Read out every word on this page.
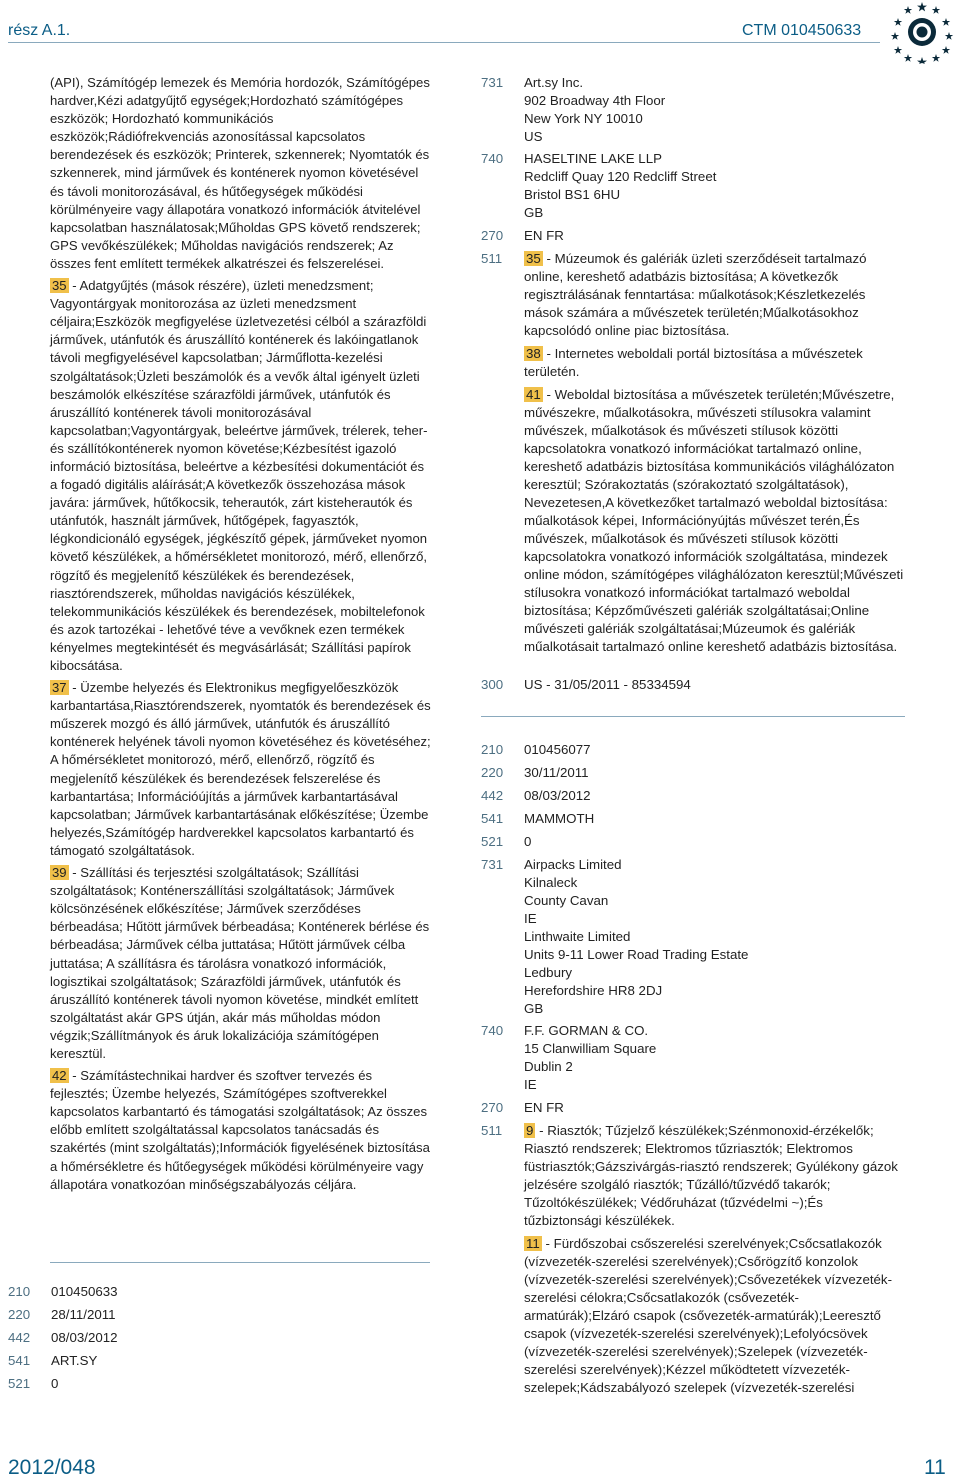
rész A.1.	CTM 010450633

(API), Számítógép lemezek és Memória hordozók, Számítógépes hardver,Kézi adatgyűjtő egységek;Hordozható számítógépes eszközök; Hordozható kommunikációs eszközök;Rádiófrekvenciás azonosítással kapcsolatos berendezések és eszközök; Printerek, szkennerek; Nyomtatók és szkennerek, mind járművek és konténerek nyomon követésével és távoli monitorozásával, és hűtőegységek működési körülményeire vagy állapotára vonatkozó információk átvitelével kapcsolatban használatosak;Műholdas GPS követő rendszerek; GPS vevőkészülékek; Műholdas navigációs rendszerek; Az összes fent említett termékek alkatrészei és felszerelései.

35 - Adatgyűjtés (mások részére), üzleti menedzsment; Vagyontárgyak monitorozása az üzleti menedzsment céljaira;Eszközök megfigyelése üzletvezetési célból a szárazföldi járművek, utánfutók és áruszállító konténerek és lakóingatlanok távoli megfigyelésével kapcsolatban; Járműflotta-kezelési szolgáltatások;Üzleti beszámolók és a vevők által igényelt üzleti beszámolók elkészítése szárazföldi járművek, utánfutók és áruszállító konténerek távoli monitorozásával kapcsolatban;Vagyontárgyak, beleértve járművek, trélerek, teher- és szállítókonténerek nyomon követése;Kézbesítést igazoló információ biztosítása, beleértve a kézbesítési dokumentációt és a fogadó digitális aláírását;A következők összehozása mások javára: járművek, hűtőkocsik, teherautók, zárt kisteherautók és utánfutók, használt járművek, hűtőgépek, fagyasztók, légkondicionáló egységek, jégkészítő gépek, járműveket nyomon követő készülékek, a hőmérsékletet monitorozó, mérő, ellenőrző, rögzítő és megjelenítő készülékek és berendezések, riasztórendszerek, műholdas navigációs készülékek, telekommunikációs készülékek és berendezések, mobiltelefonok és azok tartozékai - lehetővé téve a vevőknek ezen termékek kényelmes megtekintését és megvásárlását; Szállítási papírok kibocsátása.

37 - Üzembe helyezés és Elektronikus megfigyelőeszközök karbantartása,Riasztórendszerek, nyomtatók és berendezések és műszerek mozgó és álló járművek, utánfutók és áruszállító konténerek helyének távoli nyomon követéséhez és követéséhez; A hőmérsékletet monitorozó, mérő, ellenőrző, rögzítő és megjelenítő készülékek és berendezések felszerelése és karbantartása; Információújítás a járművek karbantartásával kapcsolatban; Járművek karbantartásának előkészítése; Üzembe helyezés,Számítógép hardverekkel kapcsolatos karbantartó és támogató szolgáltatások.

39 - Szállítási és terjesztési szolgáltatások; Szállítási szolgáltatások; Konténerszállítási szolgáltatások; Járművek kölcsönzésének előkészítése; Járművek szerződéses bérbeadása; Hűtött járművek bérbeadása; Konténerek bérlése és bérbeadása; Járművek célba juttatása; Hűtött járművek célba juttatása; A szállításra és tárolásra vonatkozó információk, logisztikai szolgáltatások; Szárazföldi járművek, utánfutók és áruszállító konténerek távoli nyomon követése, mindkét említett szolgáltatást akár GPS útján, akár más műholdas módon végzik;Szállítmányok és áruk lokalizációja számítógépen keresztül.

42 - Számítástechnikai hardver és szoftver tervezés és fejlesztés; Üzembe helyezés, Számítógépes szoftverekkel kapcsolatos karbantartó és támogatási szolgáltatások; Az összes előbb említett szolgáltatással kapcsolatos tanácsadás és szakértés (mint szolgáltatás);Információk figyelésének biztosítása a hőmérsékletre és hűtőegységek működési körülményeire vagy állapotára vonatkozóan minőségszabályozás céljára.

210 010450633
220 28/11/2011
442 08/03/2012
541 ART.SY
521 0
731 Art.sy Inc.
902 Broadway 4th Floor
New York NY 10010
US
740 HASELTINE LAKE LLP
Redcliff Quay 120 Redcliff Street
Bristol BS1 6HU
GB
270 EN FR
511 35 - Múzeumok és galériák üzleti szerződéseit tartalmazó online, kereshető adatbázis biztosítása; A következők regisztrálásának fenntartása: műalkotások;Készletkezelés mások számára a művészetek területén;Műalkotásokhoz kapcsolódó online piac biztosítása.

38 - Internetes weboldali portál biztosítása a művészetek területén.

41 - Weboldal biztosítása a művészetek területén;Művészetre, művészekre, műalkotásokra, művészeti stílusokra valamint művészek, műalkotások és művészeti stílusok közötti kapcsolatokra vonatkozó információkat tartalmazó online, kereshető adatbázis biztosítása kommunikációs világhálózaton keresztül; Szórakoztatás (szórakoztató szolgáltatások), Nevezetesen,A következőket tartalmazó weboldal biztosítása: műalkotások képei, Információnyújtás művészet terén,És művészek, műalkotások és művészeti stílusok közötti kapcsolatokra vonatkozó információk szolgáltatása, mindezek online módon, számítógépes világhálózaton keresztül;Művészeti stílusokra vonatkozó információkat tartalmazó weboldal biztosítása; Képzőművészeti galériák szolgáltatásai;Online művészeti galériák szolgáltatásai;Múzeumok és galériák műalkotásait tartalmazó online kereshető adatbázis biztosítása.

300 US - 31/05/2011 - 85334594
210 010456077
220 30/11/2011
442 08/03/2012
541 MAMMOTH
521 0
731 Airpacks Limited
Kilnaleck
County Cavan
IE
Linthwaite Limited
Units 9-11 Lower Road Trading Estate
Ledbury
Herefordshire HR8 2DJ
GB
740 F.F. GORMAN & CO.
15 Clanwilliam Square
Dublin 2
IE
270 EN FR
511 9 - Riasztók; Tűzjelző készülékek;Szénmonoxid-érzékelők; Riasztó rendszerek; Elektromos tűzriasztók; Elektromos füstriasztók;Gázszivárgás-riasztó rendszerek; Gyúlékony gázok jelzésére szolgáló riasztók; Tűzálló/tűzvédő takarók; Tűzoltókészülékek; Védőruházat (tűzvédelmi ~);És tűzbiztonsági készülékek.

11 - Fürdőszobai csőszerelési szerelvények;Csőcsatlakozók (vízvezeték-szerelési szerelvények);Csőrögzítő konzolok (vízvezeték-szerelési szerelvények);Csővezetékek vízvezeték-szerelési célokra;Csőcsatlakozók (csővezeték-armatúrák);Elzáró csapok (csővezeték-armatúrák);Leeresztő csapok (vízvezeték-szerelési szerelvények);Lefolyócsövek (vízvezeték-szerelési szerelvények);Szelepek (vízvezeték-szerelési szerelvények);Kézzel működtetett vízvezeték-szelepek;Kádszabályozó szelepek (vízvezeték-szerelési

2012/048	11
